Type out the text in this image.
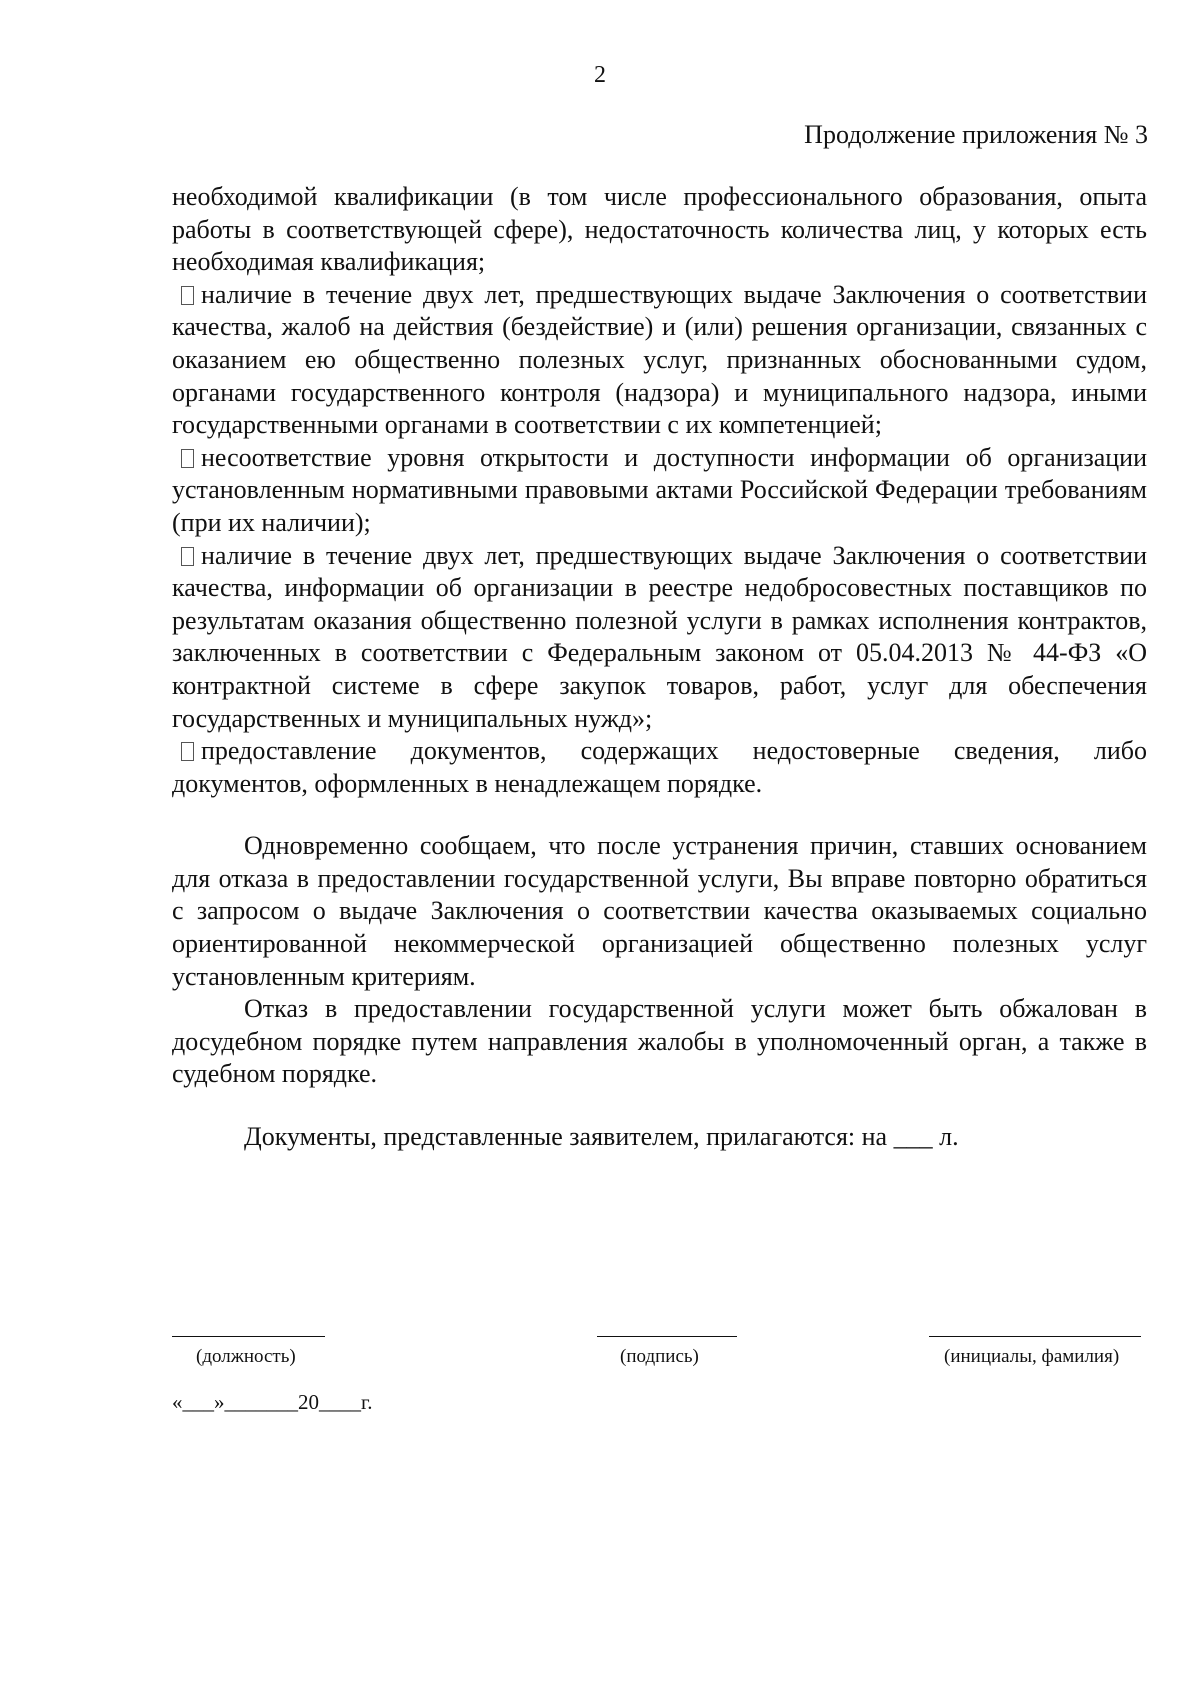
2
Продолжение приложения № 3

необходимой квалификации (в том числе профессионального образования, опыта работы в соответствующей сфере), недостаточность количества лиц, у которых есть необходимая квалификация;

наличие в течение двух лет, предшествующих выдаче Заключения о соответствии качества, жалоб на действия (бездействие) и (или) решения организации, связанных с оказанием ею общественно полезных услуг, признанных обоснованными судом, органами государственного контроля (надзора) и муниципального надзора, иными государственными органами в соответствии с их компетенцией;

несоответствие уровня открытости и доступности информации об организации установленным нормативными правовыми актами Российской Федерации требованиям (при их наличии);

наличие в течение двух лет, предшествующих выдаче Заключения о соответствии качества, информации об организации в реестре недобросовестных поставщиков по результатам оказания общественно полезной услуги в рамках исполнения контрактов, заключенных в соответствии с Федеральным законом от 05.04.2013 № 44-ФЗ «О контрактной системе в сфере закупок товаров, работ, услуг для обеспечения государственных и муниципальных нужд»;

предоставление документов, содержащих недостоверные сведения, либо документов, оформленных в ненадлежащем порядке.

Одновременно сообщаем, что после устранения причин, ставших основанием для отказа в предоставлении государственной услуги, Вы вправе повторно обратиться с запросом о выдаче Заключения о соответствии качества оказываемых социально ориентированной некоммерческой организацией общественно полезных услуг установленным критериям.

Отказ в предоставлении государственной услуги может быть обжалован в досудебном порядке путем направления жалобы в уполномоченный орган, а также в судебном порядке.

Документы, представленные заявителем, прилагаются: на ___ л.

(должность)	(подпись)	(инициалы, фамилия)
«___»_______20____г.
